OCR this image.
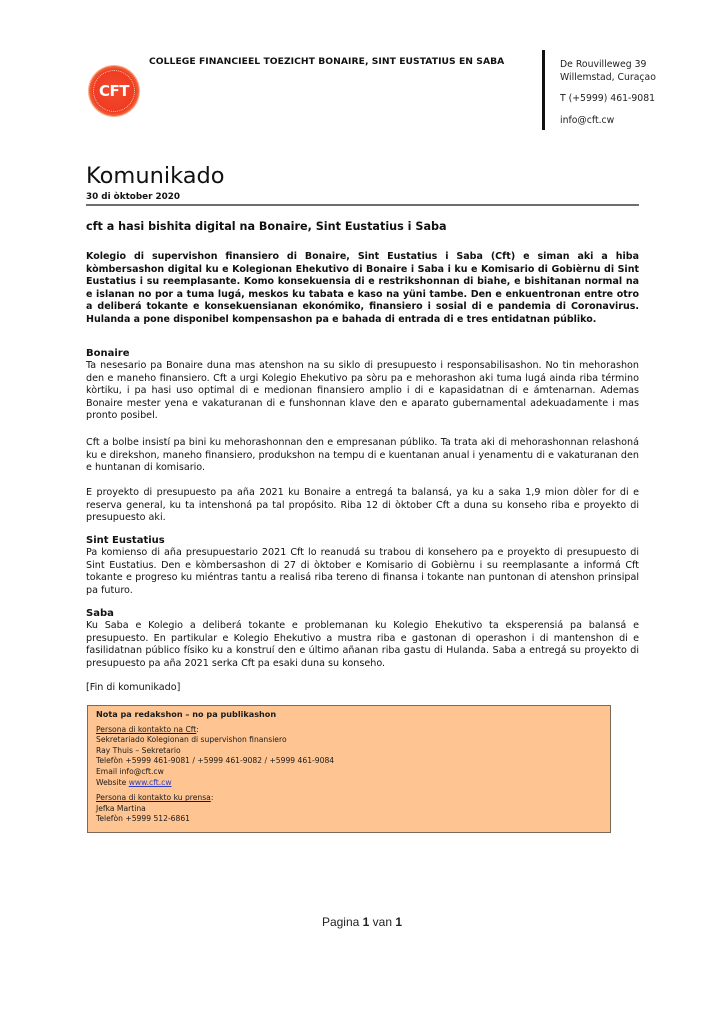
CFT
COLLEGE FINANCIEEL TOEZICHT BONAIRE, SINT EUSTATIUS EN SABA	De Rouvilleweg 39
Willemstad, Curaçao
T (+5999) 461-9081
info@cft.cw
Komunikado
30 di òktober 2020
cft a hasi bishita digital na Bonaire, Sint Eustatius i Saba
Kolegio di supervishon finansiero di Bonaire, Sint Eustatius i Saba (Cft) e siman aki a hiba kòmbersashon digital ku e Kolegionan Ehekutivo di Bonaire i Saba i ku e Komisario di Gobièrnu di Sint Eustatius i su reemplasante. Komo konsekuensia di e restrikshonnan di biahe, e bishitanan normal na e islanan no por a tuma lugá, meskos ku tabata e kaso na yüni tambe. Den e enkuentronan entre otro a deliberá tokante e konsekuensianan ekonómiko, finansiero i sosial di e pandemia di Coronavirus. Hulanda a pone disponibel kompensashon pa e bahada di entrada di e tres entidatnan públiko.
Bonaire
Ta nesesario pa Bonaire duna mas atenshon na su siklo di presupuesto i responsabilisashon. No tin mehorashon den e maneho finansiero. Cft a urgi Kolegio Ehekutivo pa sòru pa e mehorashon aki tuma lugá ainda riba término kòrtiku, i pa hasi uso optimal di e medionan finansiero amplio i di e kapasidatnan di e ámtenarnan. Ademas Bonaire mester yena e vakaturanan di e funshonnan klave den e aparato gubernamental adekuadamente i mas pronto posibel.
Cft a bolbe insistí pa bini ku mehorashonnan den e empresanan públiko. Ta trata aki di mehorashonnan relashoná ku e direkshon, maneho finansiero, produkshon na tempu di e kuentanan anual i yenamentu di e vakaturanan den e huntanan di komisario.
E proyekto di presupuesto pa aña 2021 ku Bonaire a entregá ta balansá, ya ku a saka 1,9 mion dòler for di e reserva general, ku ta intenshoná pa tal propósito. Riba 12 di òktober Cft a duna su konseho riba e proyekto di presupuesto aki.
Sint Eustatius
Pa komienso di aña presupuestario 2021 Cft lo reanudá su trabou di konsehero pa e proyekto di presupuesto di Sint Eustatius. Den e kòmbersashon di 27 di òktober e Komisario di Gobièrnu i su reemplasante a informá Cft tokante e progreso ku miéntras tantu a realisá riba tereno di finansa i tokante nan puntonan di atenshon prinsipal pa futuro.
Saba
Ku Saba e Kolegio a deliberá tokante e problemanan ku Kolegio Ehekutivo ta eksperensiá pa balansá e presupuesto. En partikular e Kolegio Ehekutivo a mustra riba e gastonan di operashon i di mantenshon di e fasilidatnan público físiko ku a konstruí den e último añanan riba gastu di Hulanda. Saba a entregá su proyekto di presupuesto pa aña 2021 serka Cft pa esaki duna su konseho.
[Fin di komunikado]
Nota pa redakshon – no pa publikashon
Persona di kontakto na Cft:
Sekretariado Kolegionan di supervishon finansiero
Ray Thuis – Sekretario
Telefòn +5999 461-9081 / +5999 461-9082 / +5999 461-9084
Email info@cft.cw
Website www.cft.cw
Persona di kontakto ku prensa:
Jefka Martina
Telefòn +5999 512-6861
Pagina 1 van 1
